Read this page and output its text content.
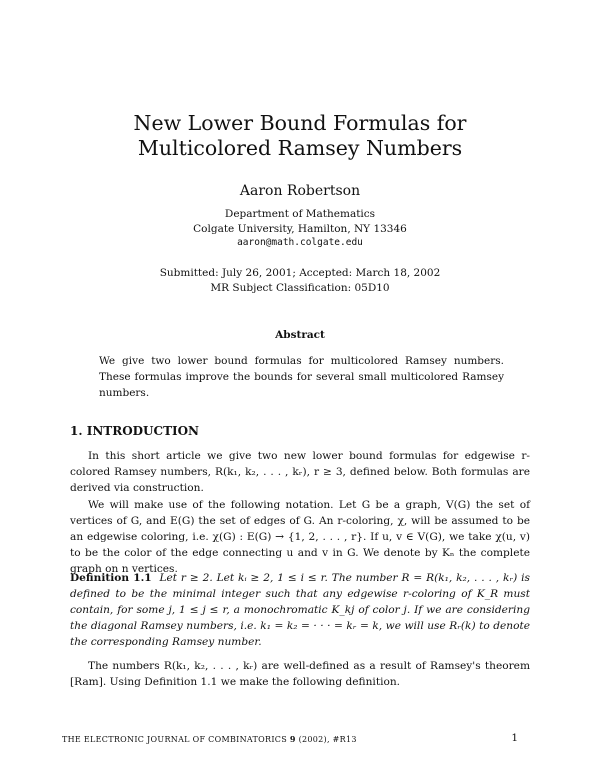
New Lower Bound Formulas for
Multicolored Ramsey Numbers
Aaron Robertson
Department of Mathematics
Colgate University, Hamilton, NY 13346
aaron@math.colgate.edu
Submitted: July 26, 2001; Accepted: March 18, 2002
MR Subject Classification: 05D10
Abstract
We give two lower bound formulas for multicolored Ramsey numbers. These formulas improve the bounds for several small multicolored Ramsey numbers.
1. INTRODUCTION

In this short article we give two new lower bound formulas for edgewise r-colored Ramsey numbers, R(k₁, k₂, . . . , kᵣ), r ≥ 3, defined below. Both formulas are derived via construction.

We will make use of the following notation. Let G be a graph, V(G) the set of vertices of G, and E(G) the set of edges of G. An r-coloring, χ, will be assumed to be an edgewise coloring, i.e. χ(G) : E(G) → {1, 2, . . . , r}. If u, v ∈ V(G), we take χ(u, v) to be the color of the edge connecting u and v in G. We denote by Kₙ the complete graph on n vertices.

Definition 1.1 Let r ≥ 2. Let kᵢ ≥ 2, 1 ≤ i ≤ r. The number R = R(k₁, k₂, . . . , kᵣ) is defined to be the minimal integer such that any edgewise r-coloring of K_R must contain, for some j, 1 ≤ j ≤ r, a monochromatic K_kj of color j. If we are considering the diagonal Ramsey numbers, i.e. k₁ = k₂ = · · · = kᵣ = k, we will use Rᵣ(k) to denote the corresponding Ramsey number.

The numbers R(k₁, k₂, . . . , kᵣ) are well-defined as a result of Ramsey's theorem [Ram]. Using Definition 1.1 we make the following definition.

THE ELECTRONIC JOURNAL OF COMBINATORICS 9 (2002), #R13	1
